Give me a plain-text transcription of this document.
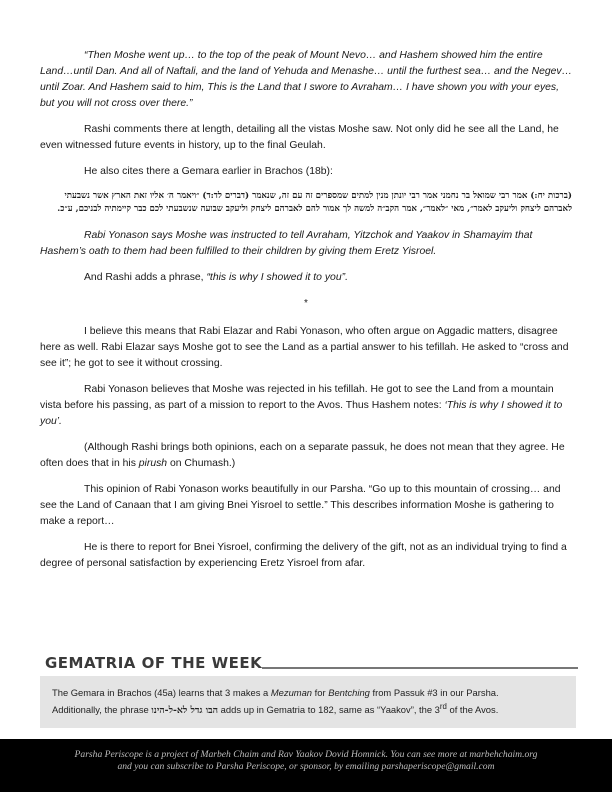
“Then Moshe went up… to the top of the peak of Mount Nevo… and Hashem showed him the entire Land…until Dan. And all of Naftali, and the land of Yehuda and Menashe… until the furthest sea… and the Negev… until Zoar. And Hashem said to him, This is the Land that I swore to Avraham… I have shown you with your eyes, but you will not cross over there.”

Rashi comments there at length, detailing all the vistas Moshe saw. Not only did he see all the Land, he even witnessed future events in history, up to the final Geulah.

He also cites there a Gemara earlier in Brachos (18b):

(ברכות יח:) אמר רבי שמואל בר נחמני אמר רבי יונתן מנין למתים שמספרים זה עם זה, שנאמר (דברים לד:ד) ״ויאמר ה׳ אליו זאת הארץ אשר נשבעתי לאברהם ליצחק וליעקב לאמר״, מאי ״לאמר״, אמר הקב״ה למשה לך אמור להם לאברהם ליצחק וליעקב שבועה שנשבעתי לכם כבר קיימתיה לבניכם, ע״כ.

Rabi Yonason says Moshe was instructed to tell Avraham, Yitzchok and Yaakov in Shamayim that Hashem’s oath to them had been fulfilled to their children by giving them Eretz Yisroel.

And Rashi adds a phrase, “this is why I showed it to you”.

*

I believe this means that Rabi Elazar and Rabi Yonason, who often argue on Aggadic matters, disagree here as well. Rabi Elazar says Moshe got to see the Land as a partial answer to his tefillah. He asked to “cross and see it”; he got to see it without crossing.

Rabi Yonason believes that Moshe was rejected in his tefillah. He got to see the Land from a mountain vista before his passing, as part of a mission to report to the Avos. Thus Hashem notes: ‘This is why I showed it to you’.

(Although Rashi brings both opinions, each on a separate passuk, he does not mean that they agree. He often does that in his pirush on Chumash.)

This opinion of Rabi Yonason works beautifully in our Parsha. “Go up to this mountain of crossing… and see the Land of Canaan that I am giving Bnei Yisroel to settle.” This describes information Moshe is gathering to make a report…

He is there to report for Bnei Yisroel, confirming the delivery of the gift, not as an individual trying to find a degree of personal satisfaction by experiencing Eretz Yisroel from afar.

GEMATRIA OF THE WEEK
The Gemara in Brachos (45a) learns that 3 makes a Mezuman for Bentching from Passuk #3 in our Parsha.
Additionally, the phrase הבו גדל לא-ל-הינו adds up in Gematria to 182, same as “Yaakov”, the 3rd of the Avos.
Parsha Periscope is a project of Marbeh Chaim and Rav Yaakov Dovid Homnick. You can see more at marbehchaim.org
and you can subscribe to Parsha Periscope, or sponsor, by emailing parshaperiscope@gmail.com
